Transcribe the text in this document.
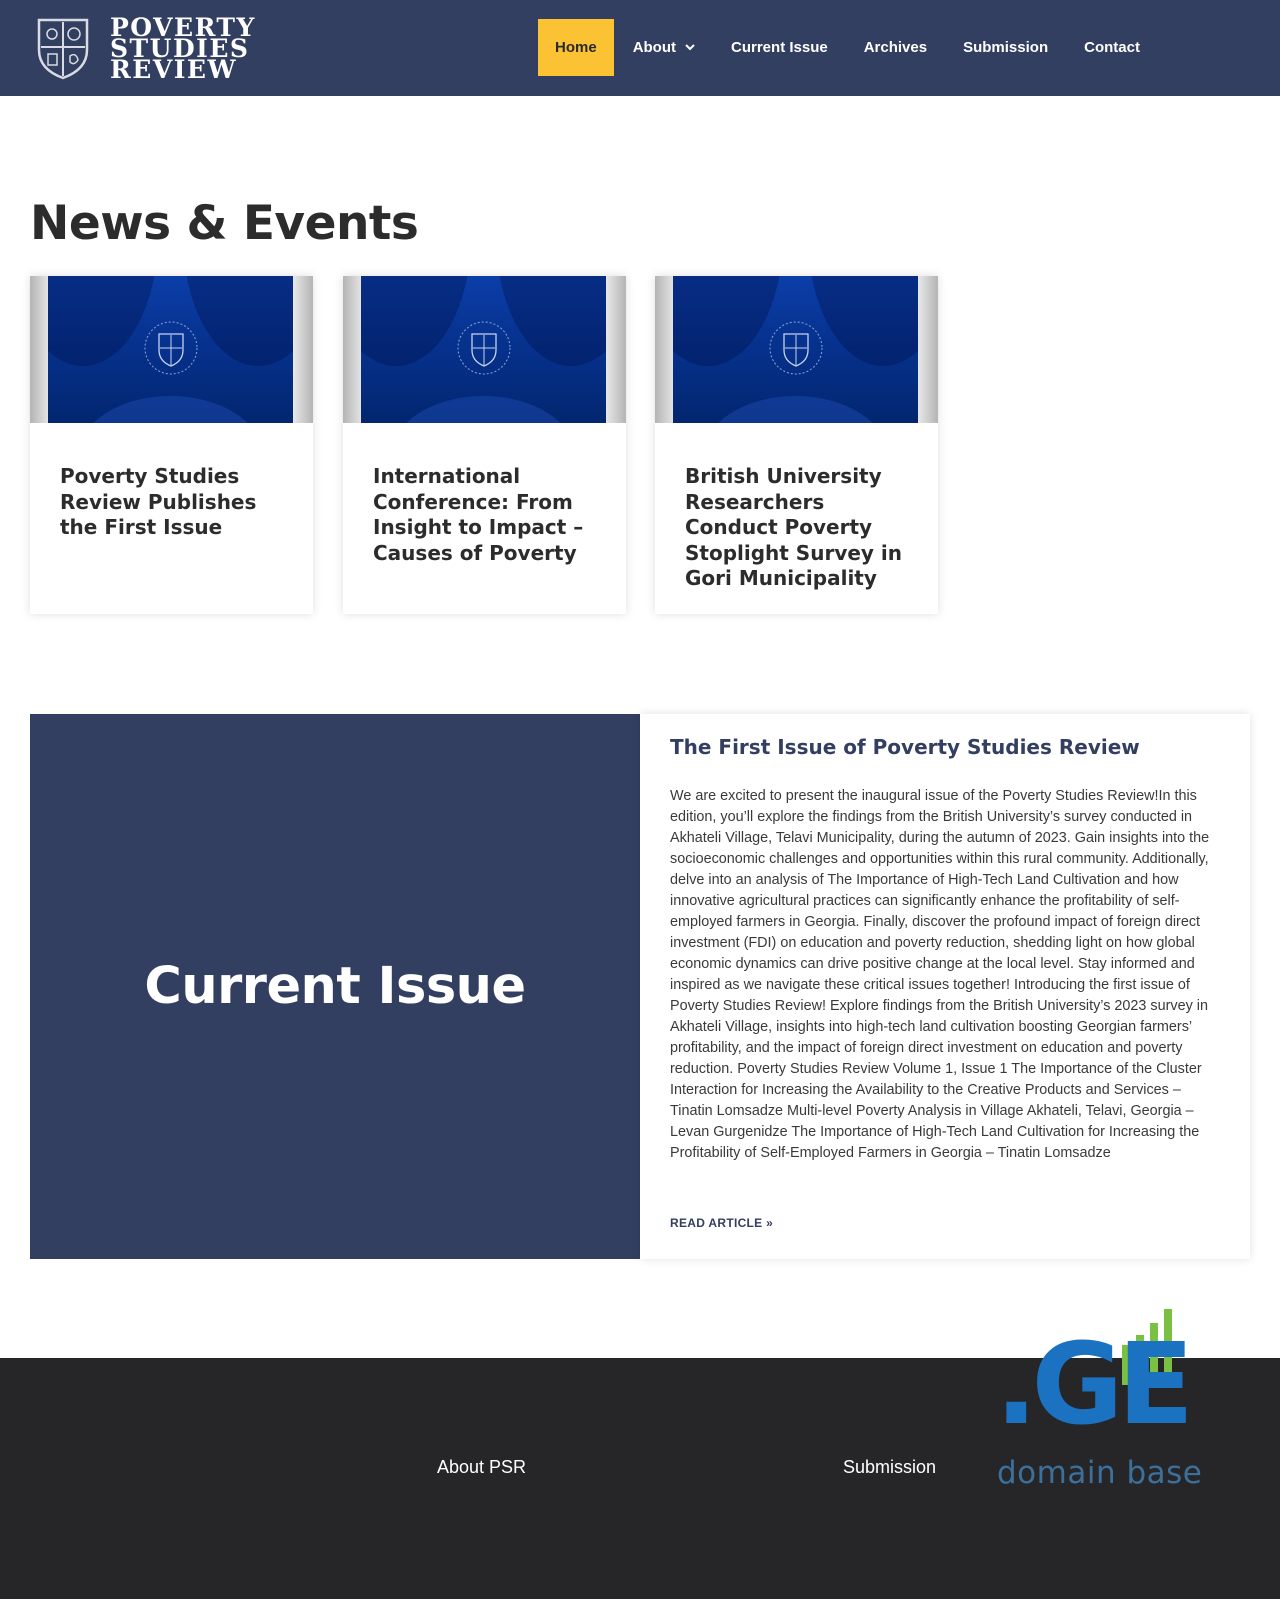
POVERTY
STUDIES
REVIEW
Home	About	Current Issue	Archives	Submission	Contact
News & Events
Poverty Studies Review Publishes the First Issue
International Conference: From Insight to Impact – Causes of Poverty
British University Researchers Conduct Poverty Stoplight Survey in Gori Municipality
Current Issue
The First Issue of Poverty Studies Review

We are excited to present the inaugural issue of the Poverty Studies Review!In this edition, you’ll explore the findings from the British University’s survey conducted in Akhateli Village, Telavi Municipality, during the autumn of 2023. Gain insights into the socioeconomic challenges and opportunities within this rural community. Additionally, delve into an analysis of The Importance of High-Tech Land Cultivation and how innovative agricultural practices can significantly enhance the profitability of self-employed farmers in Georgia. Finally, discover the profound impact of foreign direct investment (FDI) on education and poverty reduction, shedding light on how global economic dynamics can drive positive change at the local level. Stay informed and inspired as we navigate these critical issues together! Introducing the first issue of Poverty Studies Review! Explore findings from the British University’s 2023 survey in Akhateli Village, insights into high-tech land cultivation boosting Georgian farmers’ profitability, and the impact of foreign direct investment on education and poverty reduction. Poverty Studies Review Volume 1, Issue 1 The Importance of the Cluster Interaction for Increasing the Availability to the Creative Products and Services – Tinatin Lomsadze Multi-level Poverty Analysis in Village Akhateli, Telavi, Georgia – Levan Gurgenidze The Importance of High-Tech Land Cultivation for Increasing the Profitability of Self-Employed Farmers in Georgia – Tinatin Lomsadze

READ ARTICLE »
About PSR	Submission
.GE
domain base
